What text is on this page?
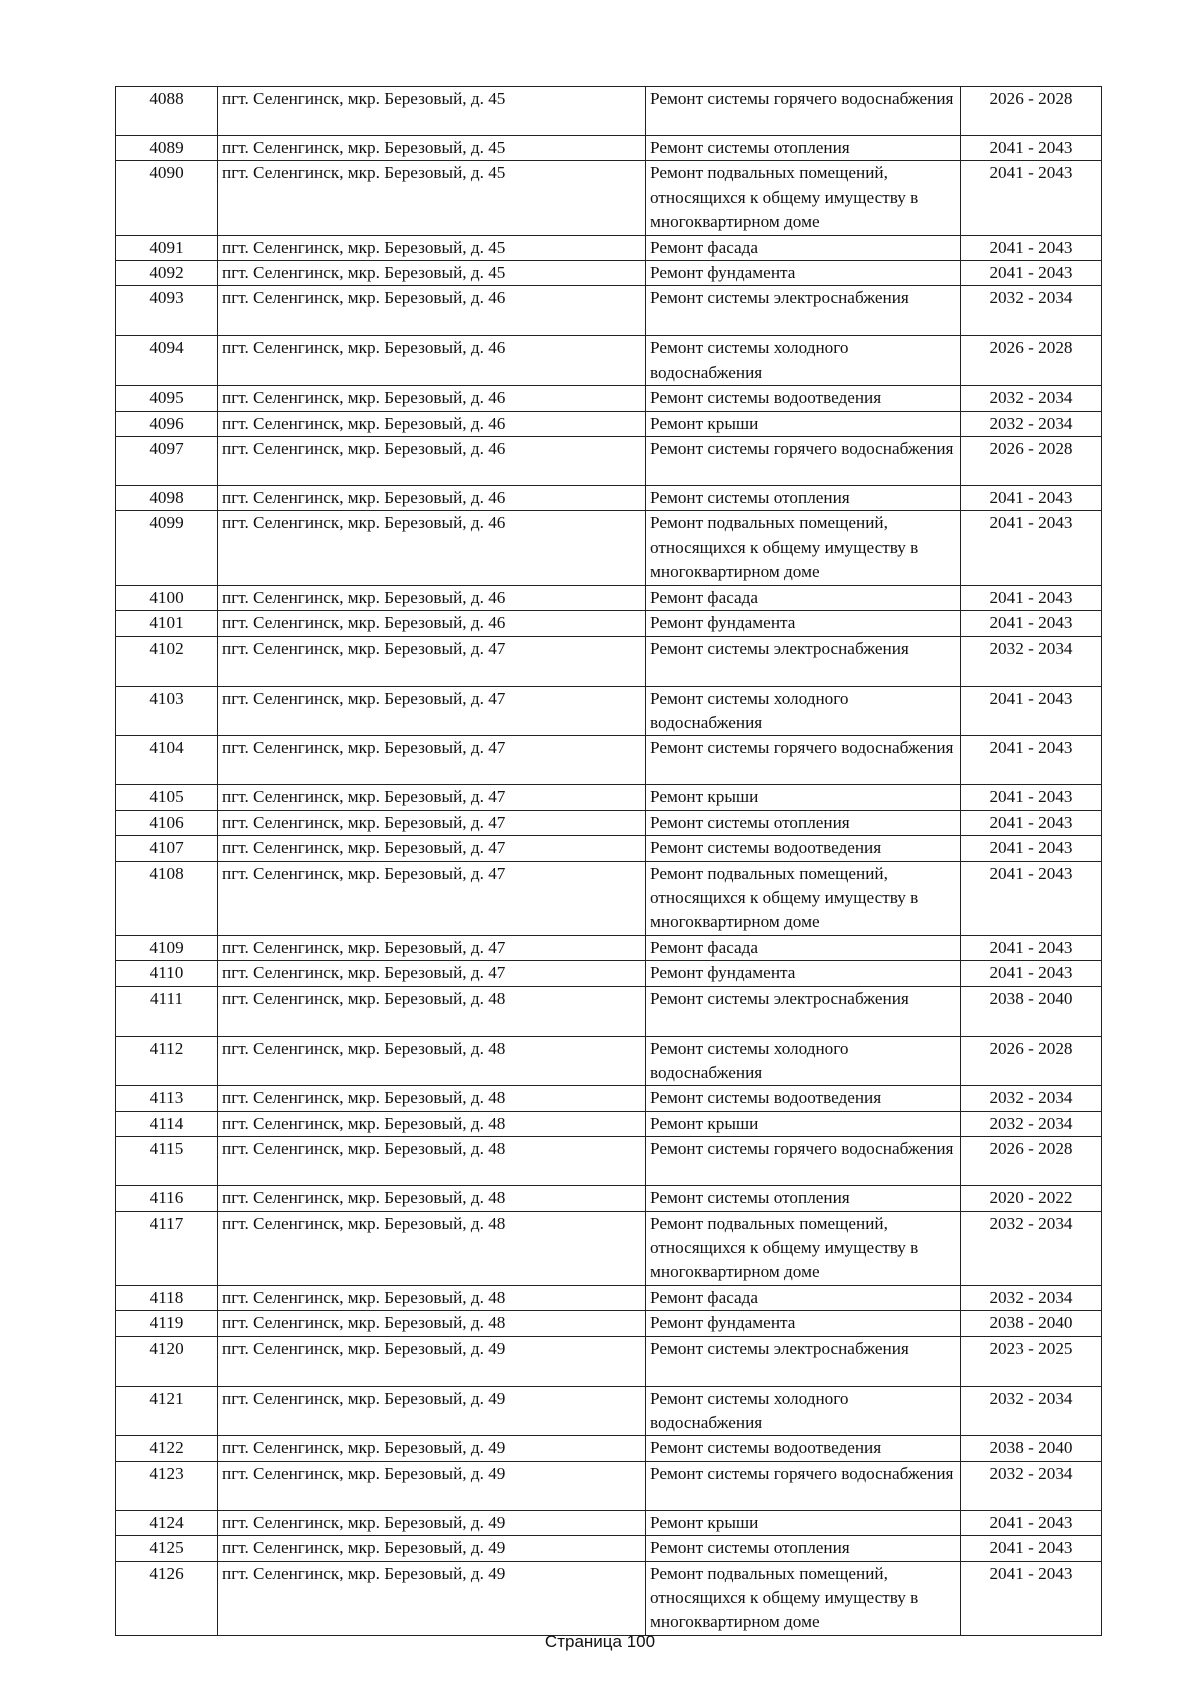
4088	пгт. Селенгинск, мкр. Березовый, д. 45	Ремонт системы горячего водоснабжения	2026 - 2028
4089	пгт. Селенгинск, мкр. Березовый, д. 45	Ремонт системы отопления	2041 - 2043
4090	пгт. Селенгинск, мкр. Березовый, д. 45	Ремонт подвальных помещений, относящихся к общему имуществу в многоквартирном доме	2041 - 2043
4091	пгт. Селенгинск, мкр. Березовый, д. 45	Ремонт фасада	2041 - 2043
4092	пгт. Селенгинск, мкр. Березовый, д. 45	Ремонт фундамента	2041 - 2043
4093	пгт. Селенгинск, мкр. Березовый, д. 46	Ремонт системы электроснабжения	2032 - 2034
4094	пгт. Селенгинск, мкр. Березовый, д. 46	Ремонт системы холодного водоснабжения	2026 - 2028
4095	пгт. Селенгинск, мкр. Березовый, д. 46	Ремонт системы водоотведения	2032 - 2034
4096	пгт. Селенгинск, мкр. Березовый, д. 46	Ремонт крыши	2032 - 2034
4097	пгт. Селенгинск, мкр. Березовый, д. 46	Ремонт системы горячего водоснабжения	2026 - 2028
4098	пгт. Селенгинск, мкр. Березовый, д. 46	Ремонт системы отопления	2041 - 2043
4099	пгт. Селенгинск, мкр. Березовый, д. 46	Ремонт подвальных помещений, относящихся к общему имуществу в многоквартирном доме	2041 - 2043
4100	пгт. Селенгинск, мкр. Березовый, д. 46	Ремонт фасада	2041 - 2043
4101	пгт. Селенгинск, мкр. Березовый, д. 46	Ремонт фундамента	2041 - 2043
4102	пгт. Селенгинск, мкр. Березовый, д. 47	Ремонт системы электроснабжения	2032 - 2034
4103	пгт. Селенгинск, мкр. Березовый, д. 47	Ремонт системы холодного водоснабжения	2041 - 2043
4104	пгт. Селенгинск, мкр. Березовый, д. 47	Ремонт системы горячего водоснабжения	2041 - 2043
4105	пгт. Селенгинск, мкр. Березовый, д. 47	Ремонт крыши	2041 - 2043
4106	пгт. Селенгинск, мкр. Березовый, д. 47	Ремонт системы отопления	2041 - 2043
4107	пгт. Селенгинск, мкр. Березовый, д. 47	Ремонт системы водоотведения	2041 - 2043
4108	пгт. Селенгинск, мкр. Березовый, д. 47	Ремонт подвальных помещений, относящихся к общему имуществу в многоквартирном доме	2041 - 2043
4109	пгт. Селенгинск, мкр. Березовый, д. 47	Ремонт фасада	2041 - 2043
4110	пгт. Селенгинск, мкр. Березовый, д. 47	Ремонт фундамента	2041 - 2043
4111	пгт. Селенгинск, мкр. Березовый, д. 48	Ремонт системы электроснабжения	2038 - 2040
4112	пгт. Селенгинск, мкр. Березовый, д. 48	Ремонт системы холодного водоснабжения	2026 - 2028
4113	пгт. Селенгинск, мкр. Березовый, д. 48	Ремонт системы водоотведения	2032 - 2034
4114	пгт. Селенгинск, мкр. Березовый, д. 48	Ремонт крыши	2032 - 2034
4115	пгт. Селенгинск, мкр. Березовый, д. 48	Ремонт системы горячего водоснабжения	2026 - 2028
4116	пгт. Селенгинск, мкр. Березовый, д. 48	Ремонт системы отопления	2020 - 2022
4117	пгт. Селенгинск, мкр. Березовый, д. 48	Ремонт подвальных помещений, относящихся к общему имуществу в многоквартирном доме	2032 - 2034
4118	пгт. Селенгинск, мкр. Березовый, д. 48	Ремонт фасада	2032 - 2034
4119	пгт. Селенгинск, мкр. Березовый, д. 48	Ремонт фундамента	2038 - 2040
4120	пгт. Селенгинск, мкр. Березовый, д. 49	Ремонт системы электроснабжения	2023 - 2025
4121	пгт. Селенгинск, мкр. Березовый, д. 49	Ремонт системы холодного водоснабжения	2032 - 2034
4122	пгт. Селенгинск, мкр. Березовый, д. 49	Ремонт системы водоотведения	2038 - 2040
4123	пгт. Селенгинск, мкр. Березовый, д. 49	Ремонт системы горячего водоснабжения	2032 - 2034
4124	пгт. Селенгинск, мкр. Березовый, д. 49	Ремонт крыши	2041 - 2043
4125	пгт. Селенгинск, мкр. Березовый, д. 49	Ремонт системы отопления	2041 - 2043
4126	пгт. Селенгинск, мкр. Березовый, д. 49	Ремонт подвальных помещений, относящихся к общему имуществу в многоквартирном доме	2041 - 2043
Страница 100
